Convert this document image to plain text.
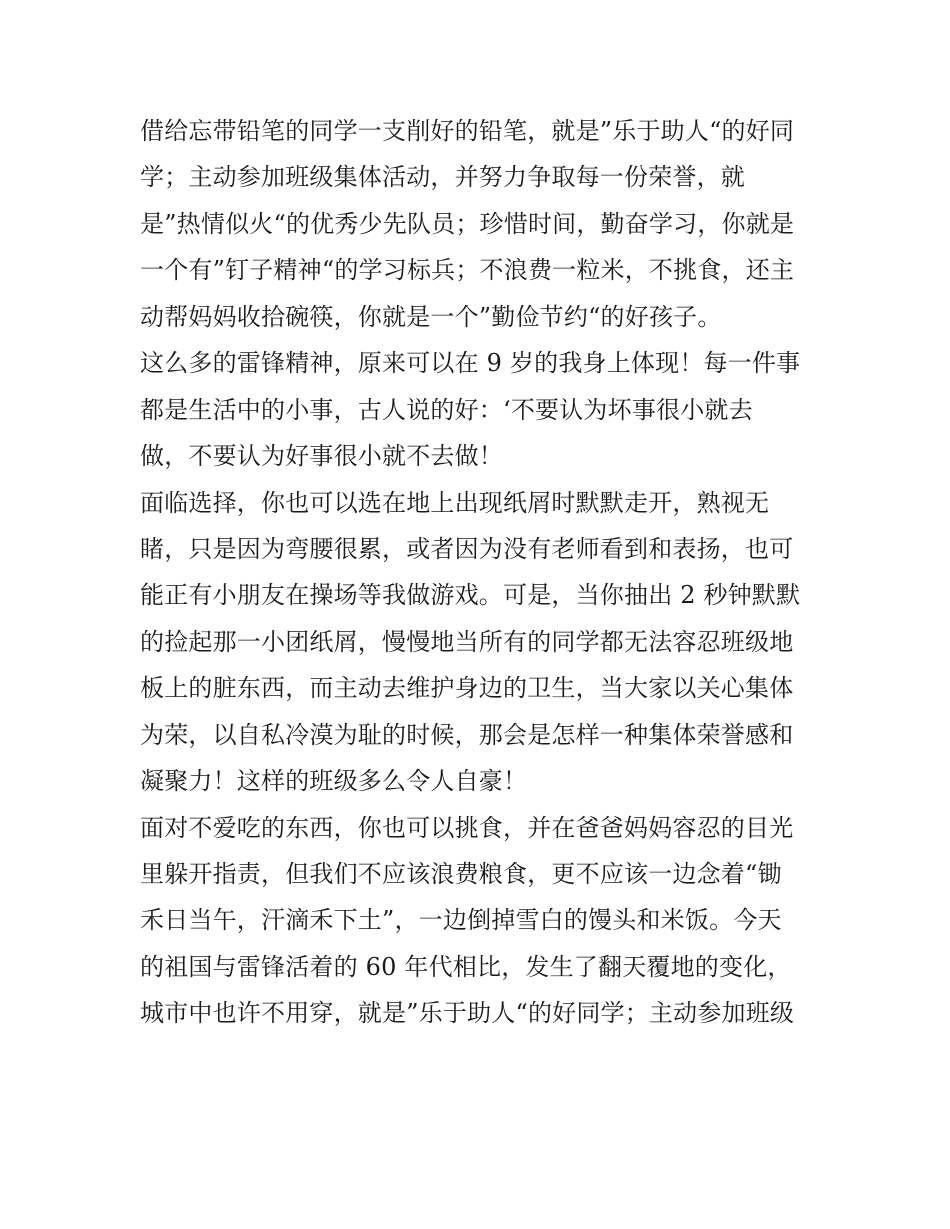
借给忘带铅笔的同学一支削好的铅笔，就是”乐于助人“的好同
学；主动参加班级集体活动，并努力争取每一份荣誉，就
是”热情似火“的优秀少先队员；珍惜时间，勤奋学习，你就是
一个有”钉子精神“的学习标兵；不浪费一粒米，不挑食，还主
动帮妈妈收拾碗筷，你就是一个”勤俭节约“的好孩子。
这么多的雷锋精神，原来可以在 9 岁的我身上体现！每一件事
都是生活中的小事，古人说的好：‘不要认为坏事很小就去
做，不要认为好事很小就不去做！
面临选择，你也可以选在地上出现纸屑时默默走开，熟视无
睹，只是因为弯腰很累，或者因为没有老师看到和表扬，也可
能正有小朋友在操场等我做游戏。可是，当你抽出 2 秒钟默默
的捡起那一小团纸屑，慢慢地当所有的同学都无法容忍班级地
板上的脏东西，而主动去维护身边的卫生，当大家以关心集体
为荣，以自私冷漠为耻的时候，那会是怎样一种集体荣誉感和
凝聚力！这样的班级多么令人自豪！
面对不爱吃的东西，你也可以挑食，并在爸爸妈妈容忍的目光
里躲开指责，但我们不应该浪费粮食，更不应该一边念着“锄
禾日当午，汗滴禾下土”，一边倒掉雪白的馒头和米饭。今天
的祖国与雷锋活着的 60 年代相比，发生了翻天覆地的变化，
城市中也许不用穿，就是”乐于助人“的好同学；主动参加班级
